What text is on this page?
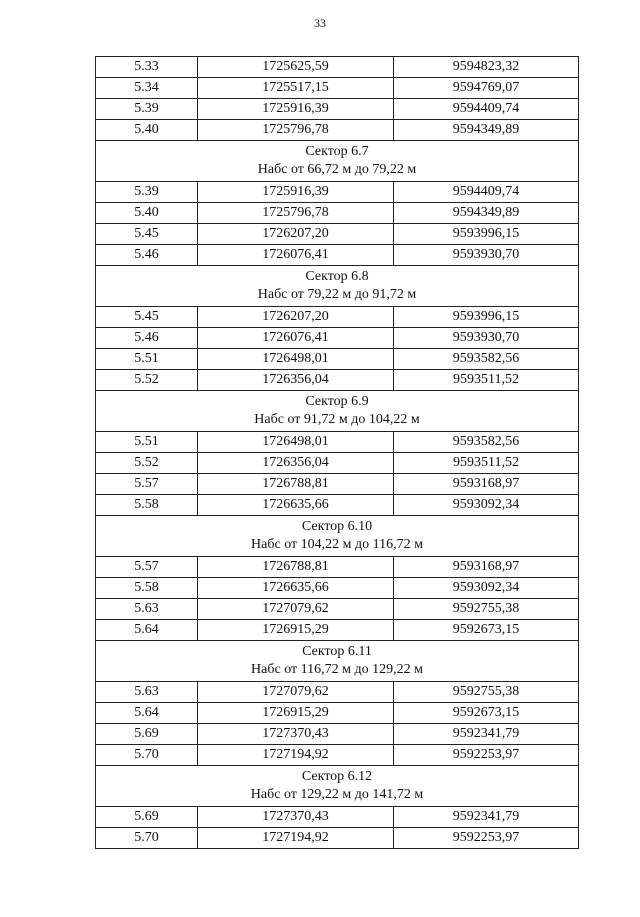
33
5.33	1725625,59	9594823,32
5.34	1725517,15	9594769,07
5.39	1725916,39	9594409,74
5.40	1725796,78	9594349,89

Сектор 6.7
Набс от 66,72 м до 79,22 м		

5.39	1725916,39	9594409,74
5.40	1725796,78	9594349,89
5.45	1726207,20	9593996,15
5.46	1726076,41	9593930,70

Сектор 6.8
Набс от 79,22 м до 91,72 м		

5.45	1726207,20	9593996,15
5.46	1726076,41	9593930,70
5.51	1726498,01	9593582,56
5.52	1726356,04	9593511,52

Сектор 6.9
Набс от 91,72 м до 104,22 м		

5.51	1726498,01	9593582,56
5.52	1726356,04	9593511,52
5.57	1726788,81	9593168,97
5.58	1726635,66	9593092,34

Сектор 6.10
Набс от 104,22 м до 116,72 м		

5.57	1726788,81	9593168,97
5.58	1726635,66	9593092,34
5.63	1727079,62	9592755,38
5.64	1726915,29	9592673,15

Сектор 6.11
Набс от 116,72 м до 129,22 м		

5.63	1727079,62	9592755,38
5.64	1726915,29	9592673,15
5.69	1727370,43	9592341,79
5.70	1727194,92	9592253,97

Сектор 6.12
Набс от 129,22 м до 141,72 м		

5.69	1727370,43	9592341,79
5.70	1727194,92	9592253,97
